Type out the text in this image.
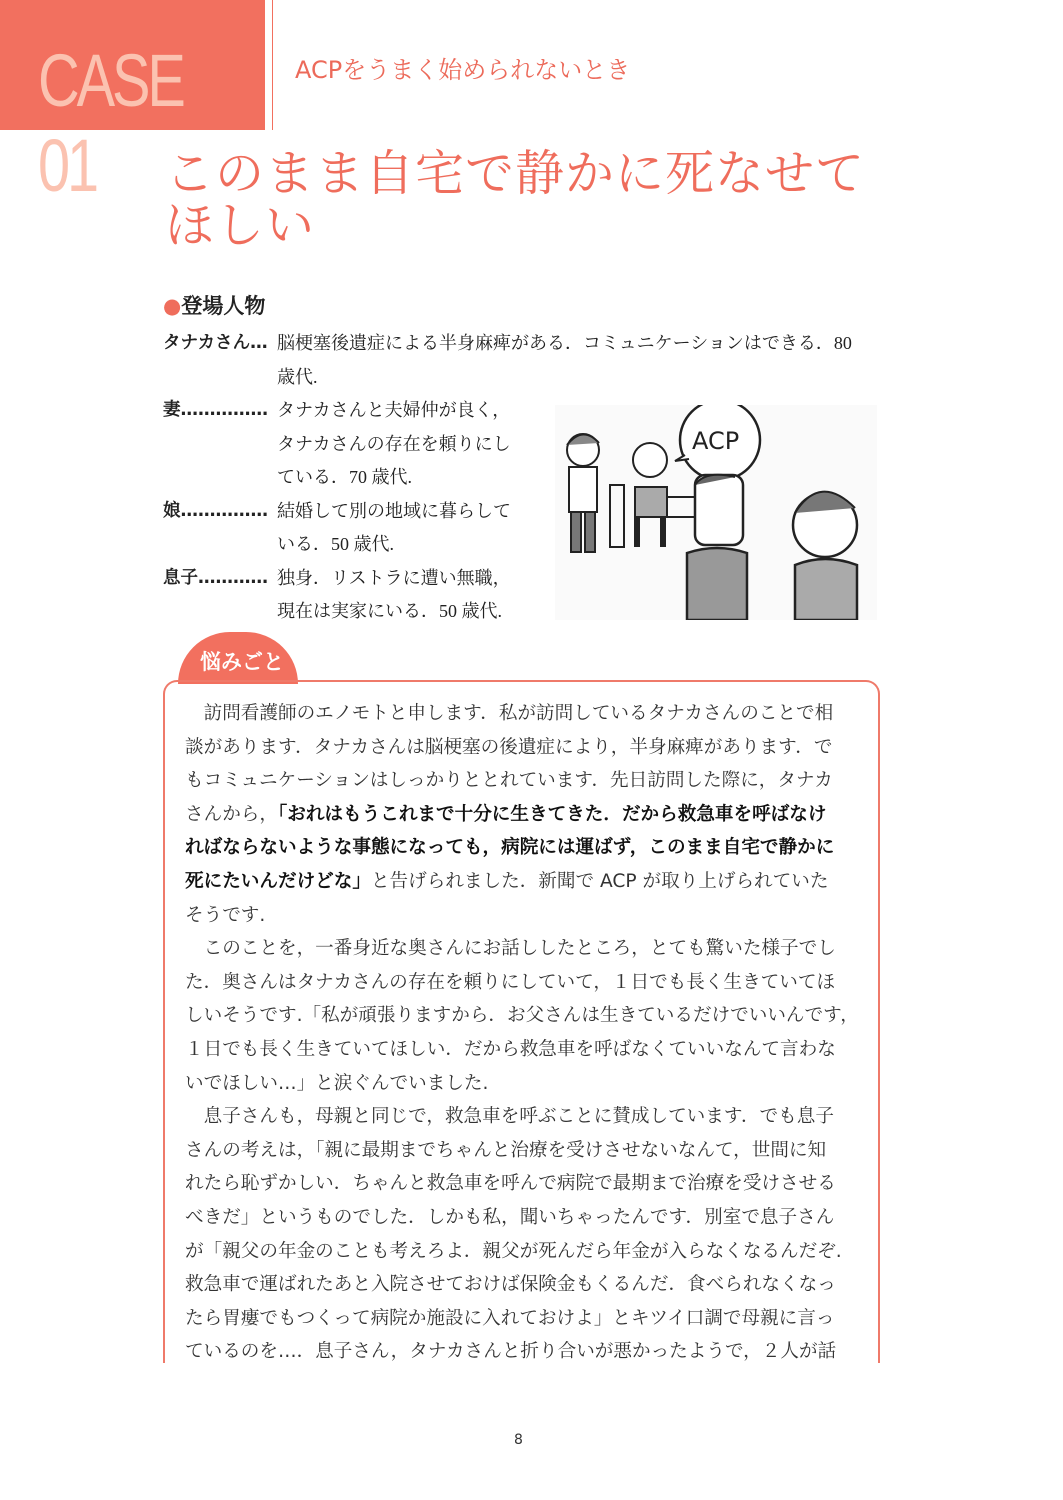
CASE 01
ACPをうまく始められないとき
このまま自宅で静かに死なせて
ほしい
●登場人物
タナカさん… 脳梗塞後遺症による半身麻痺がある．コミュニケーションはできる．80
歳代.
妻…………… タナカさんと夫婦仲が良く，
タナカさんの存在を頼りにし
ている．70 歳代.
娘…………… 結婚して別の地域に暮らして
いる．50 歳代.
息子………… 独身．リストラに遭い無職，
現在は実家にいる．50 歳代.
ACP
悩みごと
　訪問看護師のエノモトと申します．私が訪問しているタナカさんのことで相
談があります．タナカさんは脳梗塞の後遺症により，半身麻痺があります．で
もコミュニケーションはしっかりととれています．先日訪問した際に，タナカ
さんから，「おれはもうこれまで十分に生きてきた．だから救急車を呼ばなけ
ればならないような事態になっても，病院には運ばず，このまま自宅で静かに
死にたいんだけどな」と告げられました．新聞で ACP が取り上げられていた
そうです.
　このことを，一番身近な奥さんにお話ししたところ，とても驚いた様子でし
た．奥さんはタナカさんの存在を頼りにしていて，１日でも長く生きていてほ
しいそうです.「私が頑張りますから．お父さんは生きているだけでいいんです，
１日でも長く生きていてほしい．だから救急車を呼ばなくていいなんて言わな
いでほしい…」と涙ぐんでいました.
　息子さんも，母親と同じで，救急車を呼ぶことに賛成しています．でも息子
さんの考えは，「親に最期までちゃんと治療を受けさせないなんて，世間に知
れたら恥ずかしい．ちゃんと救急車を呼んで病院で最期まで治療を受けさせる
べきだ」というものでした．しかも私，聞いちゃったんです．別室で息子さん
が「親父の年金のことも考えろよ．親父が死んだら年金が入らなくなるんだぞ.
救急車で運ばれたあと入院させておけば保険金もくるんだ．食べられなくなっ
たら胃瘻でもつくって病院か施設に入れておけよ」とキツイ口調で母親に言っ
ているのを…．息子さん，タナカさんと折り合いが悪かったようで，２人が話
8
